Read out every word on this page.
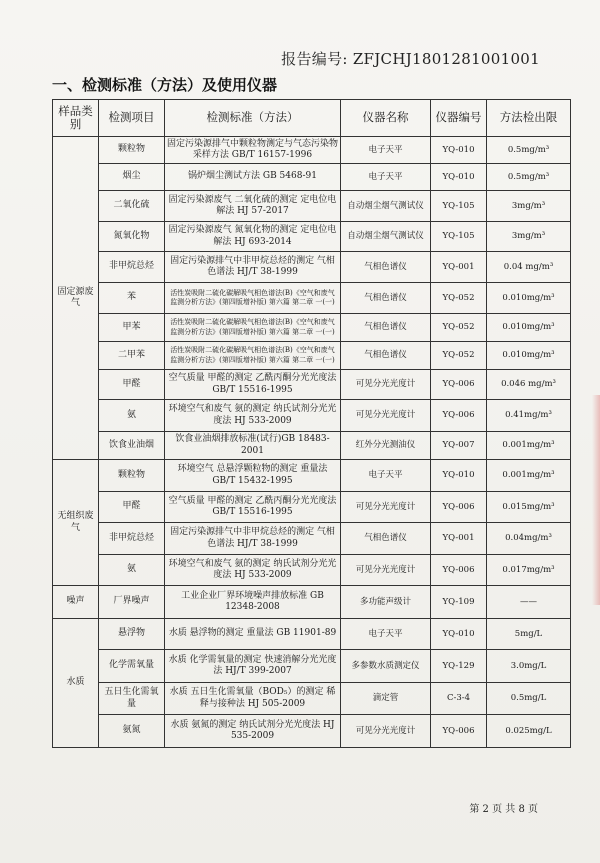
报告编号: ZFJCHJ1801281001001
一、检测标准（方法）及使用仪器
样品类别	检测项目	检测标准（方法）	仪器名称	仪器编号	方法检出限
固定源废气	颗粒物	固定污染源排气中颗粒物测定与气态污染物采样方法 GB/T 16157-1996	电子天平	YQ-010	0.5mg/m³
	烟尘	锅炉烟尘测试方法 GB 5468-91	电子天平	YQ-010	0.5mg/m³
	二氧化硫	固定污染源废气 二氧化硫的测定 定电位电解法 HJ 57-2017	自动烟尘烟气测试仪	YQ-105	3mg/m³
	氮氧化物	固定污染源废气 氮氧化物的测定 定电位电解法 HJ 693-2014	自动烟尘烟气测试仪	YQ-105	3mg/m³
	非甲烷总烃	固定污染源排气中非甲烷总烃的测定 气相色谱法 HJ/T 38-1999	气相色谱仪	YQ-001	0.04 mg/m³
	苯	活性炭吸附二硫化碳解吸气相色谱法(B)《空气和废气监测分析方法》(第四版增补版) 第六篇 第二章 一(一)	气相色谱仪	YQ-052	0.010mg/m³
	甲苯	活性炭吸附二硫化碳解吸气相色谱法(B)《空气和废气监测分析方法》(第四版增补版) 第六篇 第二章 一(一)	气相色谱仪	YQ-052	0.010mg/m³
	二甲苯	活性炭吸附二硫化碳解吸气相色谱法(B)《空气和废气监测分析方法》(第四版增补版) 第六篇 第二章 一(一)	气相色谱仪	YQ-052	0.010mg/m³
	甲醛	空气质量 甲醛的测定 乙酰丙酮分光光度法 GB/T 15516-1995	可见分光光度计	YQ-006	0.046 mg/m³
	氨	环境空气和废气 氨的测定 纳氏试剂分光光度法 HJ 533-2009	可见分光光度计	YQ-006	0.41mg/m³
	饮食业油烟	饮食业油烟排放标准(试行)GB 18483-2001	红外分光测油仪	YQ-007	0.001mg/m³
无组织废气	颗粒物	环境空气 总悬浮颗粒物的测定 重量法 GB/T 15432-1995	电子天平	YQ-010	0.001mg/m³
	甲醛	空气质量 甲醛的测定 乙酰丙酮分光光度法 GB/T 15516-1995	可见分光光度计	YQ-006	0.015mg/m³
	非甲烷总烃	固定污染源排气中非甲烷总烃的测定 气相色谱法 HJ/T 38-1999	气相色谱仪	YQ-001	0.04mg/m³
	氨	环境空气和废气 氨的测定 纳氏试剂分光光度法 HJ 533-2009	可见分光光度计	YQ-006	0.017mg/m³
噪声	厂界噪声	工业企业厂界环境噪声排放标准 GB 12348-2008	多功能声级计	YQ-109	——
水质	悬浮物	水质 悬浮物的测定 重量法 GB 11901-89	电子天平	YQ-010	5mg/L
	化学需氧量	水质 化学需氧量的测定 快速消解分光光度法 HJ/T 399-2007	多参数水质测定仪	YQ-129	3.0mg/L
	五日生化需氧量	水质 五日生化需氧量（BOD₅）的测定 稀释与接种法 HJ 505-2009	滴定管	C-3-4	0.5mg/L
	氨氮	水质 氨氮的测定 纳氏试剂分光光度法 HJ 535-2009	可见分光光度计	YQ-006	0.025mg/L
第 2 页 共 8 页
